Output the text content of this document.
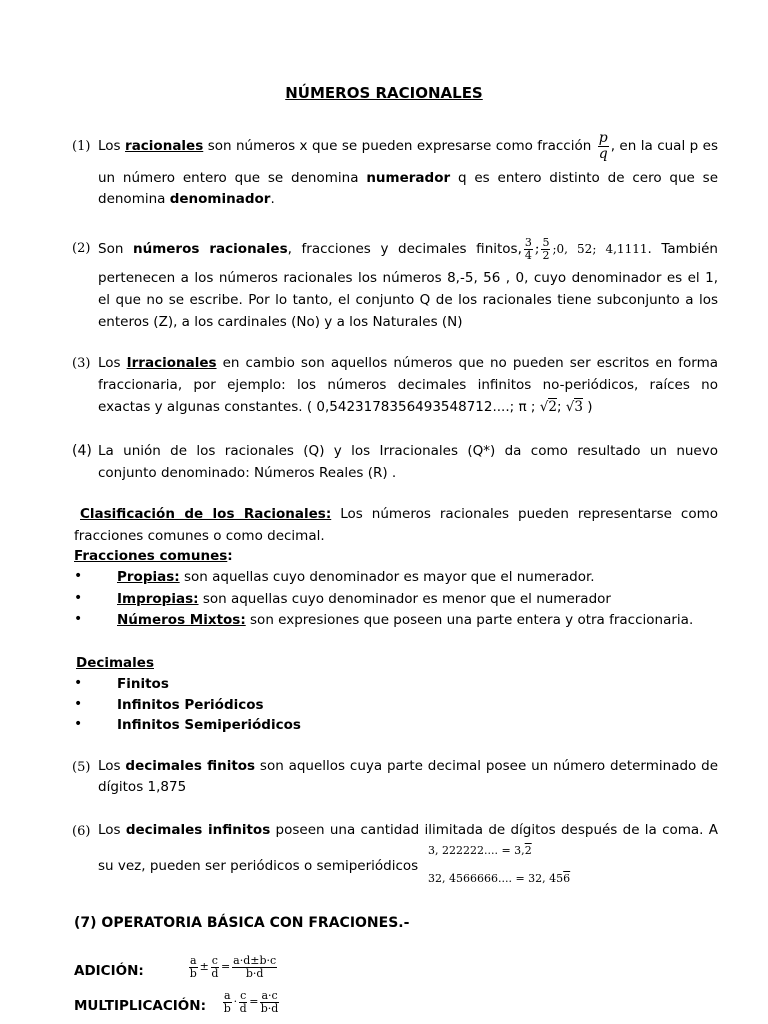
NÚMEROS RACIONALES
(1) Los racionales son números x que se pueden expresarse como fracción $\frac{p}{q}$ , en la cual p es
un número entero que se denomina numerador q es entero distinto de cero que se
denomina denominador.
(2) Son números racionales, fracciones y decimales finitos, $\frac{3}{4}$ ; $\frac{5}{2}$ ;0, 52; 4,1111. También
pertenecen a los números racionales los números 8,-5, 56 , 0, cuyo denominador es el 1,
el que no se escribe. Por lo tanto, el conjunto Q de los racionales tiene subconjunto a los
enteros (Z), a los cardinales (No) y a los Naturales (N)
(3) Los Irracionales en cambio son aquellos números que no pueden ser escritos en forma
fraccionaria, por ejemplo: los números decimales infinitos no-periódicos, raíces no
exactas y algunas constantes. ( 0,5423178356493548712....; π ; √2; √3 )
(4) La unión de los racionales (Q) y los Irracionales (Q*) da como resultado un nuevo
conjunto denominado: Números Reales (R) .
Clasificación de los Racionales: Los números racionales pueden representarse como
fracciones comunes o como decimal.
Fracciones comunes:
•	Propias: son aquellas cuyo denominador es mayor que el numerador.
•	Impropias: son aquellas cuyo denominador es menor que el numerador
•	Números Mixtos: son expresiones que poseen una parte entera y otra fraccionaria.
Decimales
•	Finitos
•	Infinitos Periódicos
•	Infinitos Semiperiódicos
(5) Los decimales finitos son aquellos cuya parte decimal posee un número determinado de
dígitos 1,875
(6) Los decimales infinitos poseen una cantidad ilimitada de dígitos después de la coma. A
su vez, pueden ser periódicos o semiperiódicos
3, 222222.... = 3,2
32, 4566666.... = 32, 456
(7) OPERATORIA BÁSICA CON FRACIONES.-
ADICIÓN:	$\frac{a}{b} \pm \frac{c}{d} = \frac{a\cdot d\pm b\cdot c}{b\cdot d}$
MULTIPLICACIÓN: $\frac{a}{b} \cdot \frac{c}{d} = \frac{a\cdot c}{b\cdot d}$
